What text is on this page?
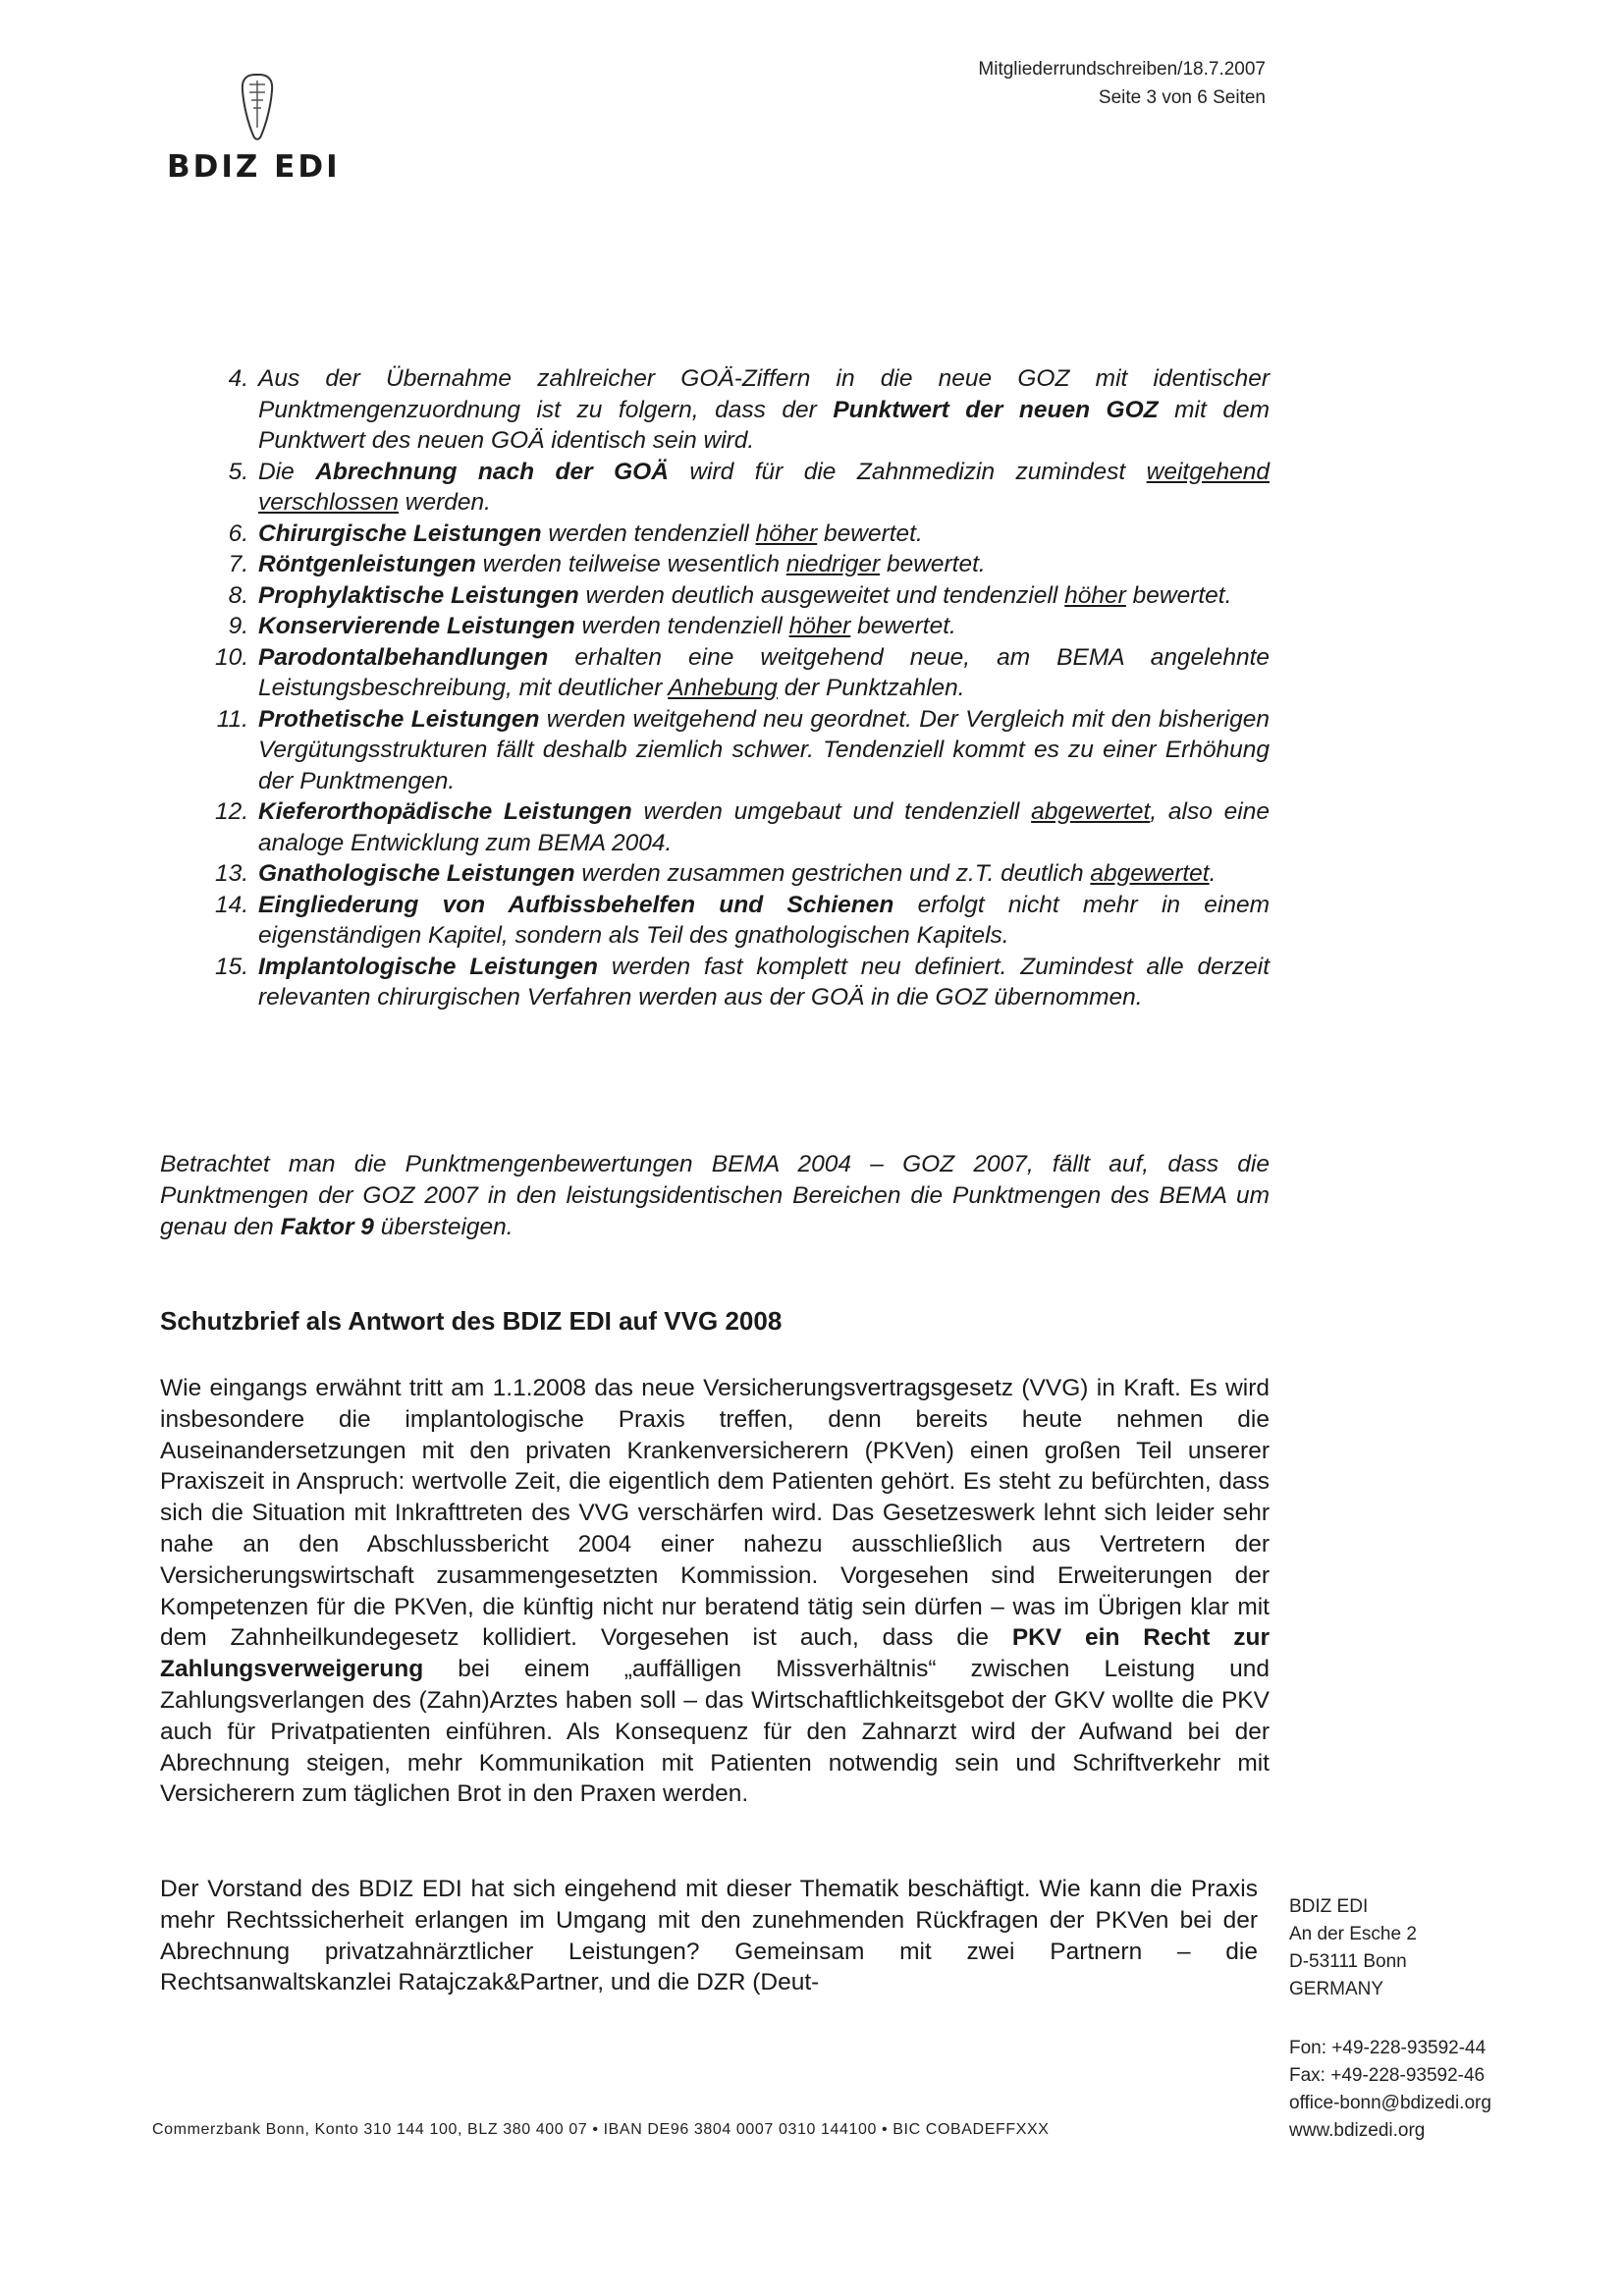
BDIZ EDI
Mitgliederrundschreiben/18.7.2007
Seite 3 von 6 Seiten
4. Aus der Übernahme zahlreicher GOÄ-Ziffern in die neue GOZ mit identischer Punktmengenzuordnung ist zu folgern, dass der Punktwert der neuen GOZ mit dem Punktwert des neuen GOÄ identisch sein wird.
5. Die Abrechnung nach der GOÄ wird für die Zahnmedizin zumindest weitgehend verschlossen werden.
6. Chirurgische Leistungen werden tendenziell höher bewertet.
7. Röntgenleistungen werden teilweise wesentlich niedriger bewertet.
8. Prophylaktische Leistungen werden deutlich ausgeweitet und tendenziell höher bewertet.
9. Konservierende Leistungen werden tendenziell höher bewertet.
10. Parodontalbehandlungen erhalten eine weitgehend neue, am BEMA angelehnte Leistungsbeschreibung, mit deutlicher Anhebung der Punktzahlen.
11. Prothetische Leistungen werden weitgehend neu geordnet. Der Vergleich mit den bisherigen Vergütungsstrukturen fällt deshalb ziemlich schwer. Tendenziell kommt es zu einer Erhöhung der Punktmengen.
12. Kieferorthopädische Leistungen werden umgebaut und tendenziell abgewertet, also eine analoge Entwicklung zum BEMA 2004.
13. Gnathologische Leistungen werden zusammen gestrichen und z.T. deutlich abgewertet.
14. Eingliederung von Aufbissbehelfen und Schienen erfolgt nicht mehr in einem eigenständigen Kapitel, sondern als Teil des gnathologischen Kapitels.
15. Implantologische Leistungen werden fast komplett neu definiert. Zumindest alle derzeit relevanten chirurgischen Verfahren werden aus der GOÄ in die GOZ übernommen.
Betrachtet man die Punktmengenbewertungen BEMA 2004 – GOZ 2007, fällt auf, dass die Punktmengen der GOZ 2007 in den leistungsidentischen Bereichen die Punktmengen des BEMA um genau den Faktor 9 übersteigen.
Schutzbrief als Antwort des BDIZ EDI auf VVG 2008
Wie eingangs erwähnt tritt am 1.1.2008 das neue Versicherungsvertragsgesetz (VVG) in Kraft. Es wird insbesondere die implantologische Praxis treffen, denn bereits heute nehmen die Auseinandersetzungen mit den privaten Krankenversicherern (PKVen) einen großen Teil unserer Praxiszeit in Anspruch: wertvolle Zeit, die eigentlich dem Patienten gehört. Es steht zu befürchten, dass sich die Situation mit Inkrafttreten des VVG verschärfen wird. Das Gesetzeswerk lehnt sich leider sehr nahe an den Abschlussbericht 2004 einer nahezu ausschließlich aus Vertretern der Versicherungswirtschaft zusammengesetzten Kommission. Vorgesehen sind Erweiterungen der Kompetenzen für die PKVen, die künftig nicht nur beratend tätig sein dürfen – was im Übrigen klar mit dem Zahnheilkundegesetz kollidiert. Vorgesehen ist auch, dass die PKV ein Recht zur Zahlungsverweigerung bei einem „auffälligen Missverhältnis“ zwischen Leistung und Zahlungsverlangen des (Zahn)Arztes haben soll – das Wirtschaftlichkeitsgebot der GKV wollte die PKV auch für Privatpatienten einführen. Als Konsequenz für den Zahnarzt wird der Aufwand bei der Abrechnung steigen, mehr Kommunikation mit Patienten notwendig sein und Schriftverkehr mit Versicherern zum täglichen Brot in den Praxen werden.
Der Vorstand des BDIZ EDI hat sich eingehend mit dieser Thematik beschäftigt. Wie kann die Praxis mehr Rechtssicherheit erlangen im Umgang mit den zunehmenden Rückfragen der PKVen bei der Abrechnung privatzahnärztlicher Leistungen? Gemeinsam mit zwei Partnern – die Rechtsanwaltskanzlei Ratajczak&Partner, und die DZR (Deut-
BDIZ EDI
An der Esche 2
D-53111 Bonn
GERMANY
Fon: +49-228-93592-44
Fax: +49-228-93592-46
office-bonn@bdizedi.org
www.bdizedi.org
Commerzbank Bonn, Konto 310 144 100, BLZ 380 400 07 • IBAN DE96 3804 0007 0310 144100 • BIC COBADEFFXXX
